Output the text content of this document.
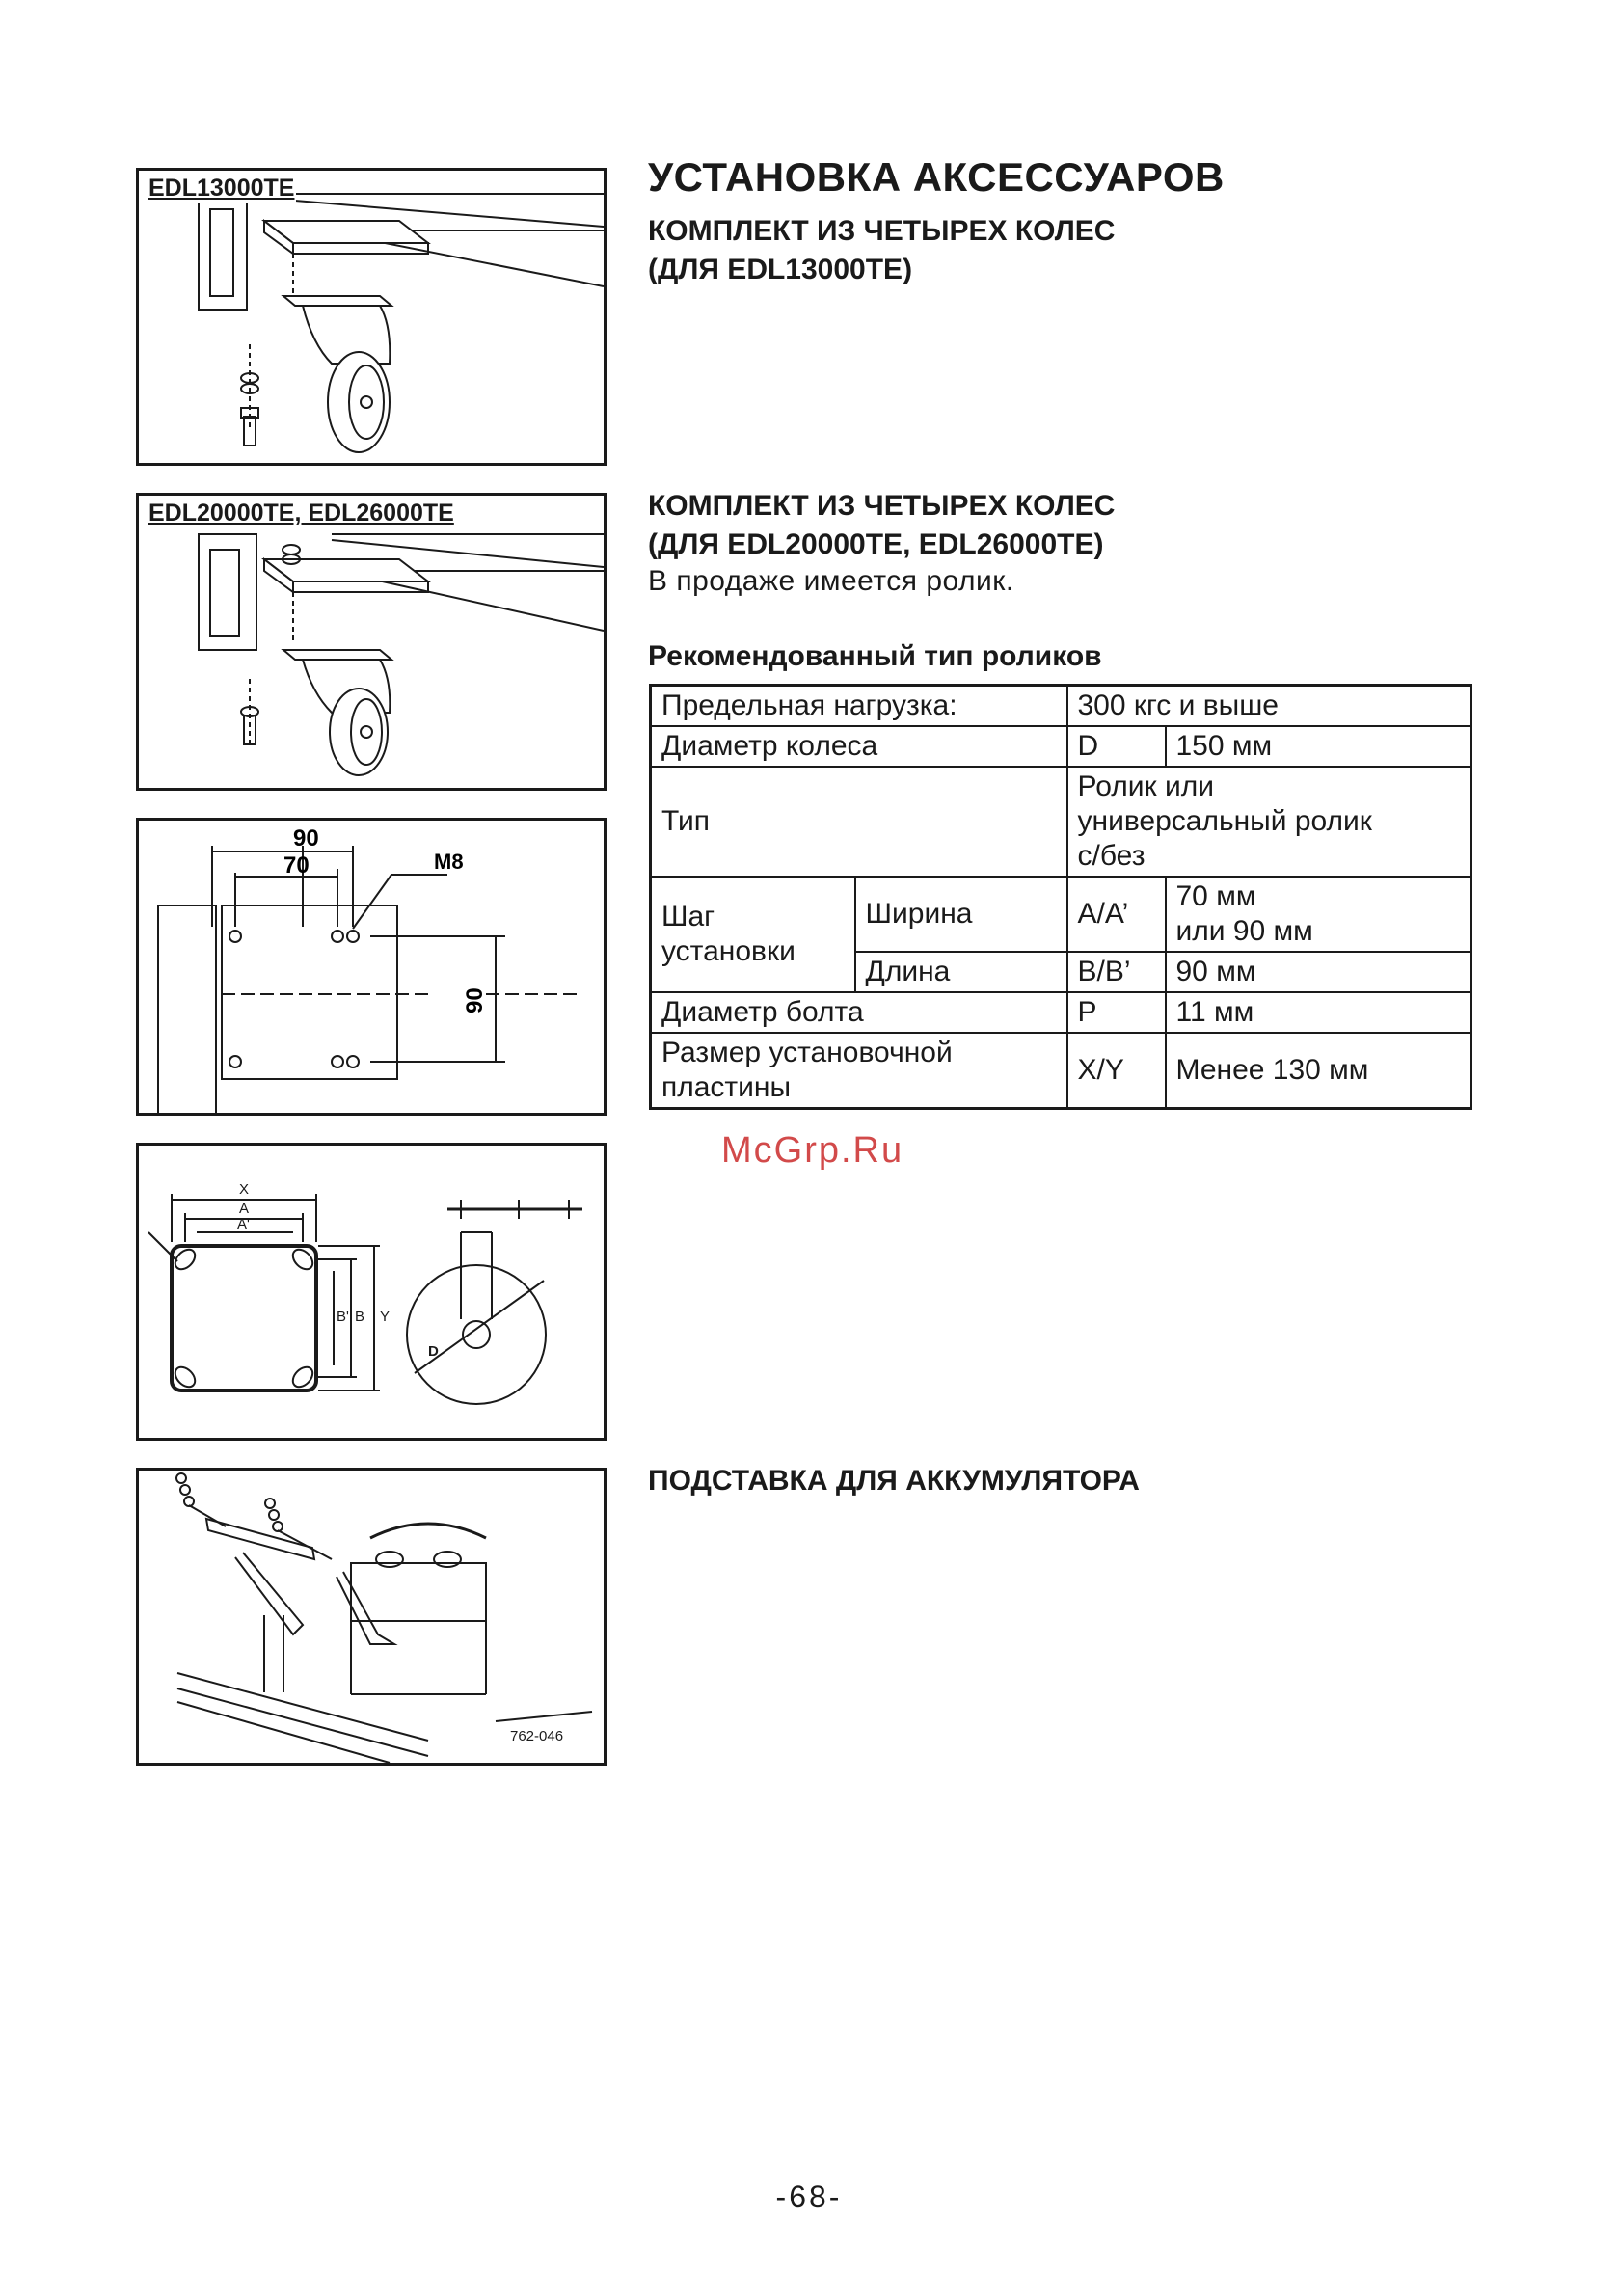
EDL13000TE
EDL20000TE, EDL26000TE
90
70	M8
90
X
A
A'
Y
B
B'
D
762-046
УСТАНОВКА АКСЕССУАРОВ

КОМПЛЕКТ ИЗ ЧЕТЫРЕХ КОЛЕС
(ДЛЯ EDL13000TE)

КОМПЛЕКТ ИЗ ЧЕТЫРЕХ КОЛЕС
(ДЛЯ EDL20000TE, EDL26000TE)

В продаже имеется ролик.

Рекомендованный тип роликов

Предельная нагрузка:		300 кгс и выше	
Диаметр колеса		D	150 мм
Тип		Ролик или
универсальный ролик
с/без	
Шаг
установки	Ширина	A/A’	70 мм
или 90 мм
	Длина	B/B’	90 мм
Диаметр болта		P	11 мм
Размер установочной
пластины		X/Y	Менее 130 мм
McGrp.Ru

ПОДСТАВКА ДЛЯ АККУМУЛЯТОРА

-68-
